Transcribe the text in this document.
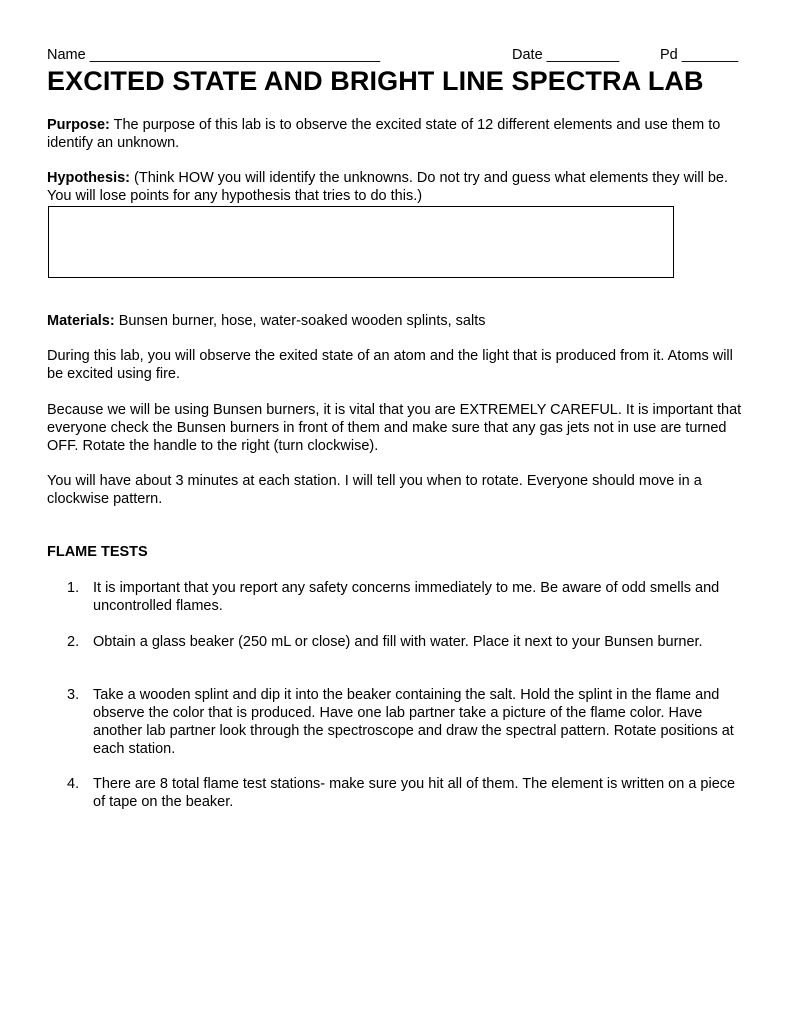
Name ____________________________________	Date _________	Pd _______
EXCITED STATE AND BRIGHT LINE SPECTRA LAB
Purpose: The purpose of this lab is to observe the excited state of 12 different elements and use them to identify an unknown.
Hypothesis: (Think HOW you will identify the unknowns. Do not try and guess what elements they will be. You will lose points for any hypothesis that tries to do this.)
Materials: Bunsen burner, hose, water-soaked wooden splints, salts
During this lab, you will observe the exited state of an atom and the light that is produced from it. Atoms will be excited using fire.
Because we will be using Bunsen burners, it is vital that you are EXTREMELY CAREFUL. It is important that everyone check the Bunsen burners in front of them and make sure that any gas jets not in use are turned OFF. Rotate the handle to the right (turn clockwise).
You will have about 3 minutes at each station. I will tell you when to rotate. Everyone should move in a clockwise pattern.
FLAME TESTS
1. It is important that you report any safety concerns immediately to me. Be aware of odd smells and uncontrolled flames.
2. Obtain a glass beaker (250 mL or close) and fill with water. Place it next to your Bunsen burner.
3. Take a wooden splint and dip it into the beaker containing the salt. Hold the splint in the flame and observe the color that is produced. Have one lab partner take a picture of the flame color. Have another lab partner look through the spectroscope and draw the spectral pattern. Rotate positions at each station.
4. There are 8 total flame test stations- make sure you hit all of them. The element is written on a piece of tape on the beaker.
